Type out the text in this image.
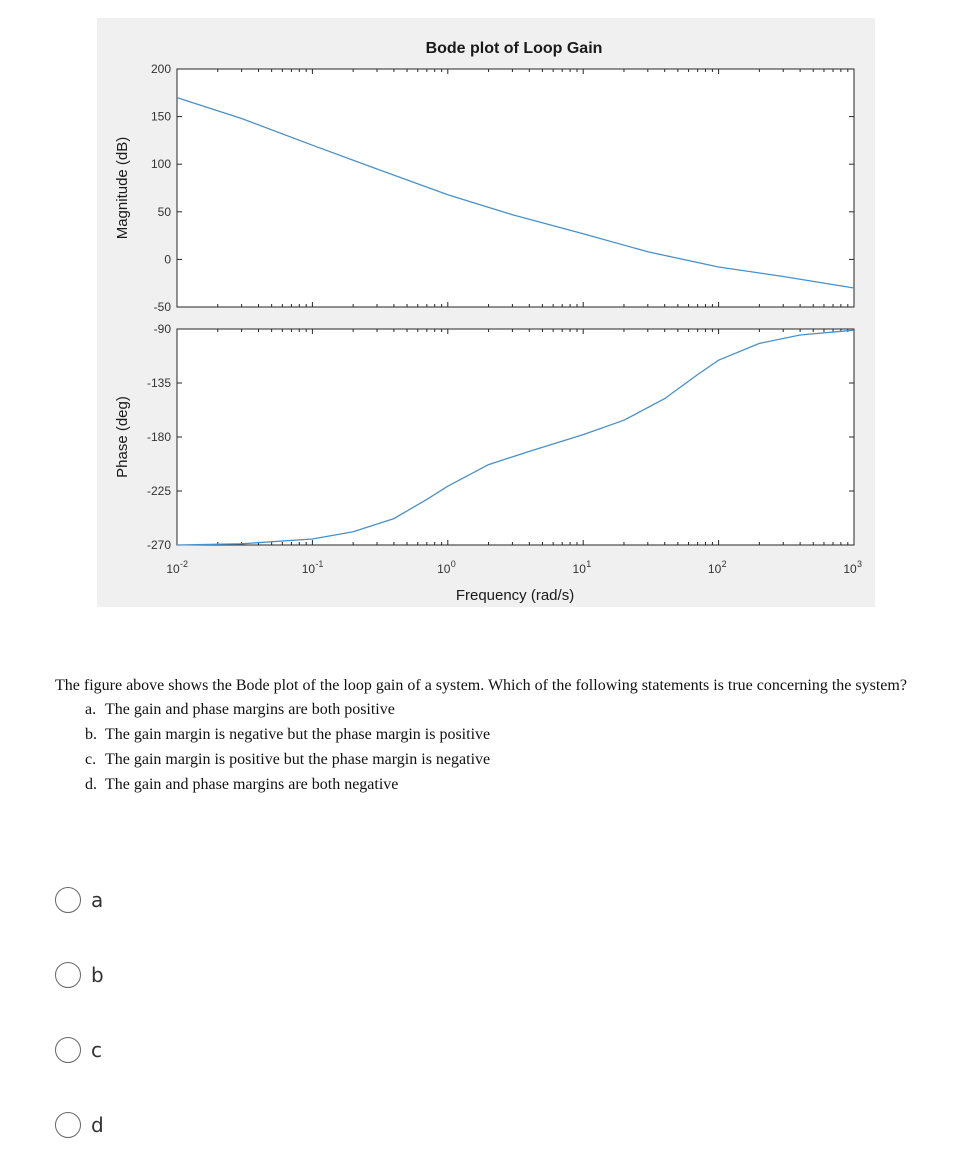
Bode plot of Loop Gain
200
150
100
50
0
-50
-90
-135
-180
-225
-270
10 -2	10 -1	10 0	10 1	10 2	10 3
Magnitude (dB)
Phase (deg)
Frequency (rad/s)

The figure above shows the Bode plot of the loop gain of a system. Which of the following statements is true concerning the system?

a. The gain and phase margins are both positive
b. The gain margin is negative but the phase margin is positive
c. The gain margin is positive but the phase margin is negative
d. The gain and phase margins are both negative
a
b
c
d
